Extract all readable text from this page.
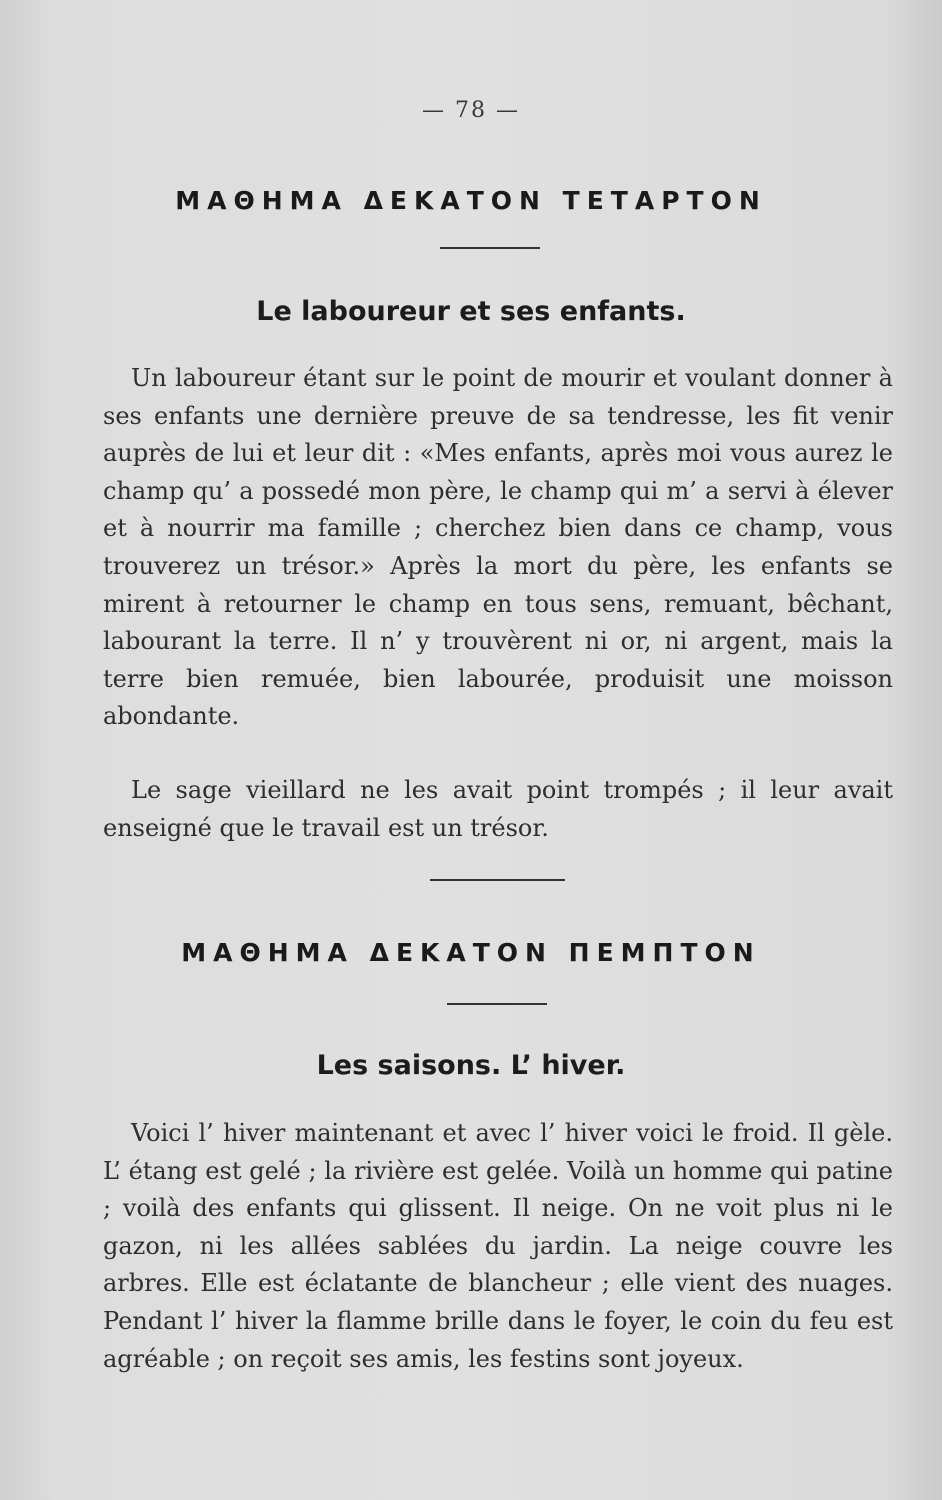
— 78 —
ΜΑΘΗΜΑ ΔΕΚΑΤΟΝ ΤΕΤΑΡΤΟΝ
Le laboureur et ses enfants.

Un laboureur étant sur le point de mourir et voulant donner à ses enfants une dernière preuve de sa tendresse, les fit venir auprès de lui et leur dit : «Mes enfants, après moi vous aurez le champ qu’ a possedé mon père, le champ qui m’ a servi à élever et à nourrir ma famille ; cherchez bien dans ce champ, vous trouverez un trésor.» Après la mort du père, les enfants se mirent à retourner le champ en tous sens, remuant, bêchant, labourant la terre. Il n’ y trouvèrent ni or, ni argent, mais la terre bien remuée, bien labourée, produisit une moisson abondante.

Le sage vieillard ne les avait point trompés ; il leur avait enseigné que le travail est un trésor.

ΜΑΘΗΜΑ ΔΕΚΑΤΟΝ ΠΕΜΠΤΟΝ
Les saisons. L’ hiver.

Voici l’ hiver maintenant et avec l’ hiver voici le froid. Il gèle. L’ étang est gelé ; la rivière est gelée. Voilà un homme qui patine ; voilà des enfants qui glissent. Il neige. On ne voit plus ni le gazon, ni les allées sablées du jardin. La neige couvre les arbres. Elle est éclatante de blancheur ; elle vient des nuages. Pendant l’ hiver la flamme brille dans le foyer, le coin du feu est agréable ; on reçoit ses amis, les festins sont joyeux.
